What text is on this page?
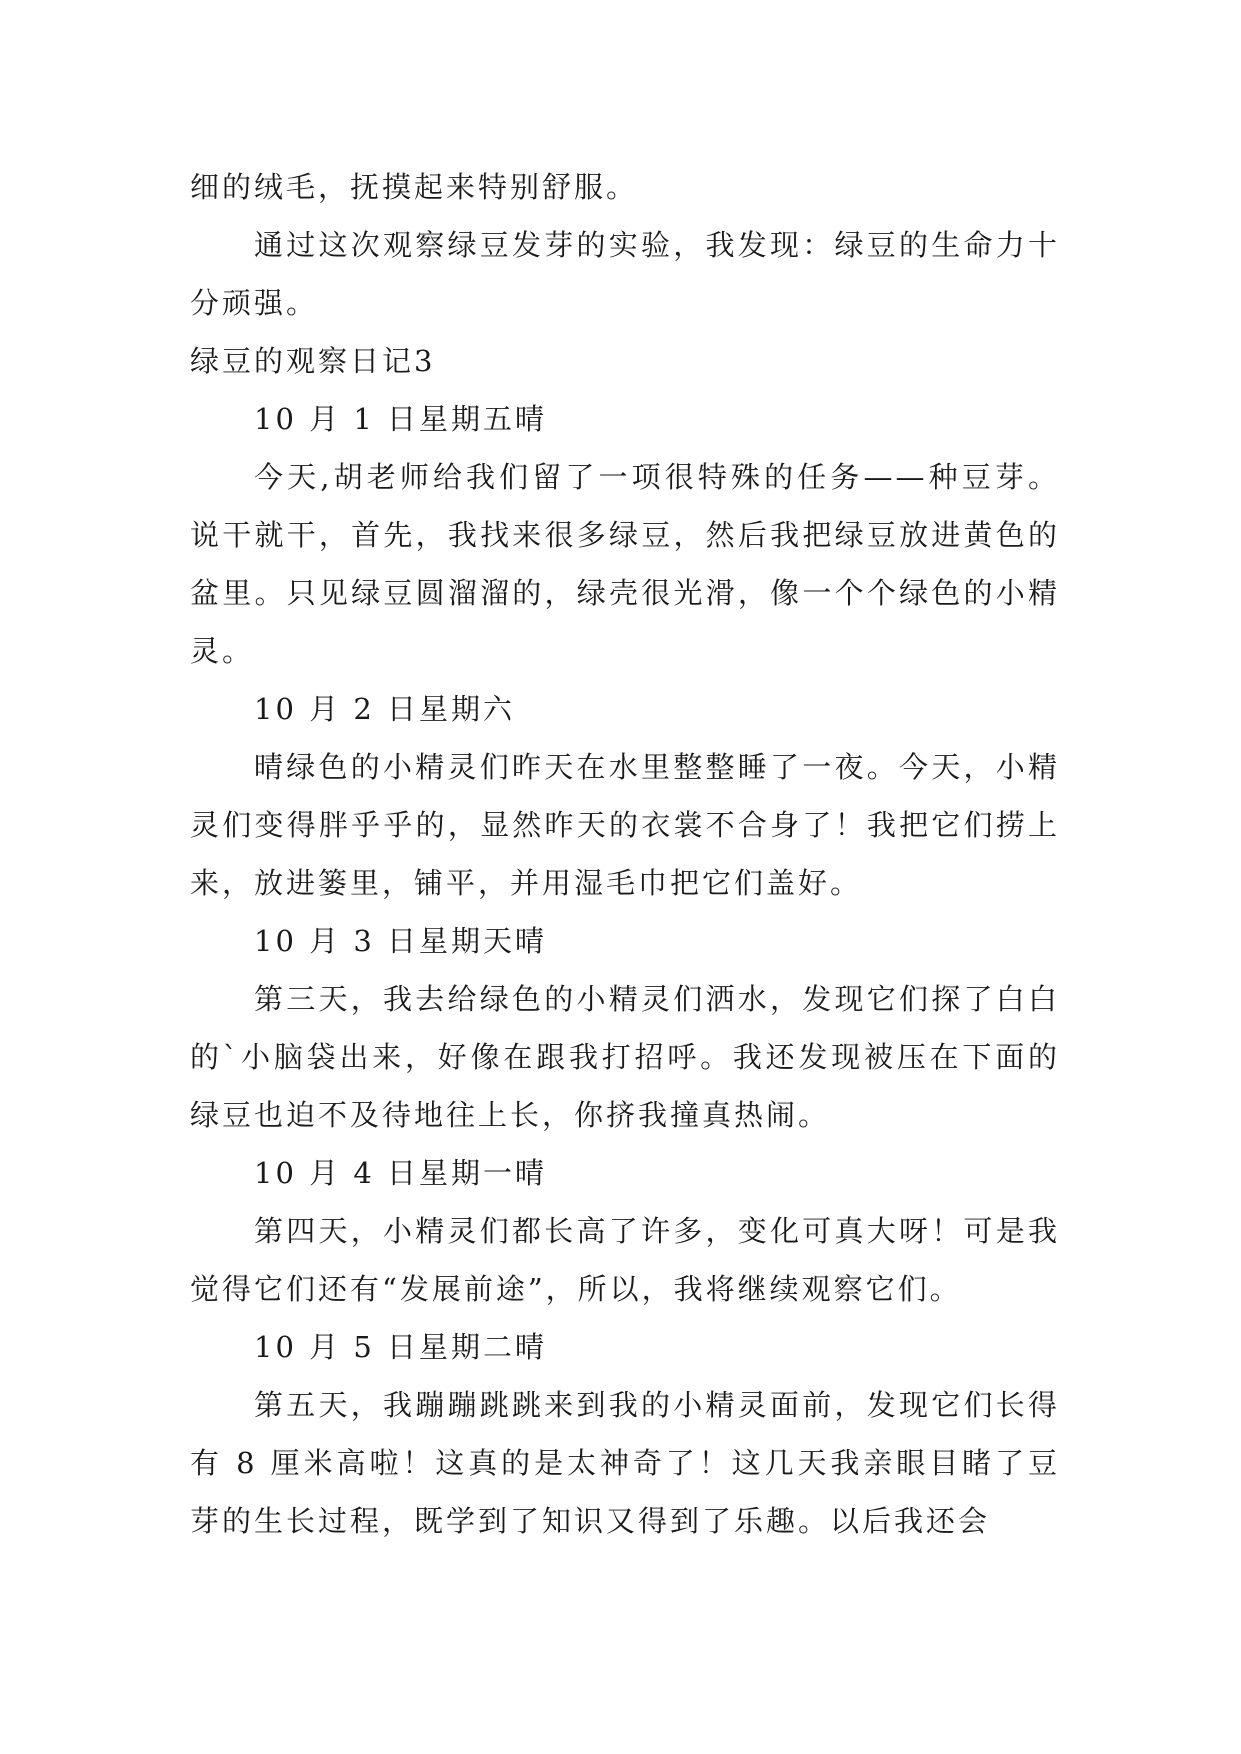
细的绒毛，抚摸起来特别舒服。

通过这次观察绿豆发芽的实验，我发现：绿豆的生命力十分顽强。

绿豆的观察日记3

10 月 1 日星期五晴

今天,胡老师给我们留了一项很特殊的任务——种豆芽。说干就干，首先，我找来很多绿豆，然后我把绿豆放进黄色的盆里。只见绿豆圆溜溜的，绿壳很光滑，像一个个绿色的小精灵。

10 月 2 日星期六

晴绿色的小精灵们昨天在水里整整睡了一夜。今天，小精灵们变得胖乎乎的，显然昨天的衣裳不合身了！我把它们捞上来，放进篓里，铺平，并用湿毛巾把它们盖好。

10 月 3 日星期天晴

第三天，我去给绿色的小精灵们洒水，发现它们探了白白的`小脑袋出来，好像在跟我打招呼。我还发现被压在下面的绿豆也迫不及待地往上长，你挤我撞真热闹。

10 月 4 日星期一晴

第四天，小精灵们都长高了许多，变化可真大呀！可是我觉得它们还有“发展前途”，所以，我将继续观察它们。

10 月 5 日星期二晴

第五天，我蹦蹦跳跳来到我的小精灵面前，发现它们长得有 8 厘米高啦！这真的是太神奇了！这几天我亲眼目睹了豆芽的生长过程，既学到了知识又得到了乐趣。以后我还会
